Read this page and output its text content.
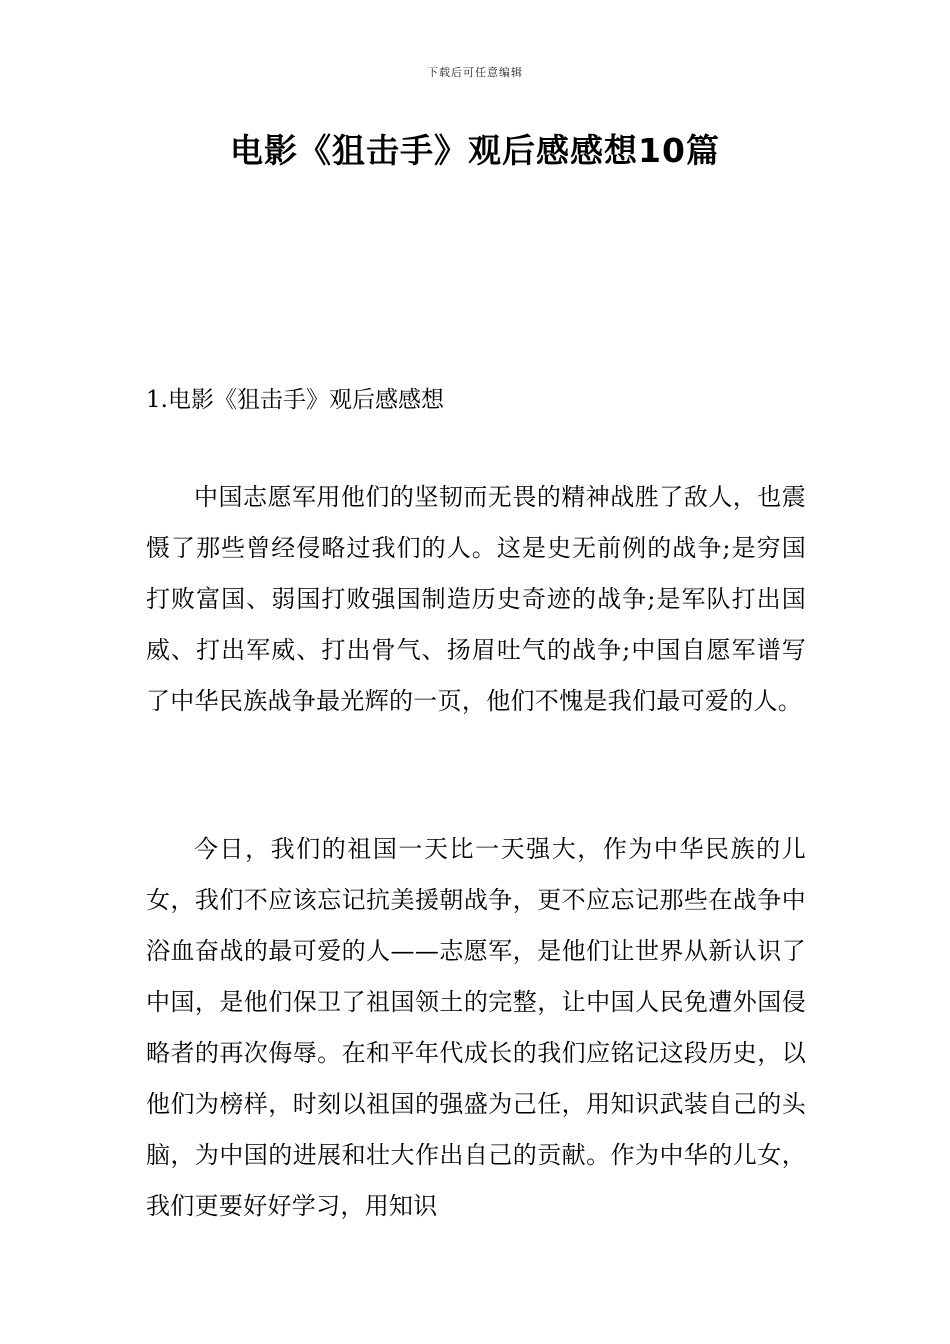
下载后可任意编辑
电影《狙击手》观后感感想10篇
1.电影《狙击手》观后感感想

中国志愿军用他们的坚韧而无畏的精神战胜了敌人，也震慑了那些曾经侵略过我们的人。这是史无前例的战争;是穷国打败富国、弱国打败强国制造历史奇迹的战争;是军队打出国威、打出军威、打出骨气、扬眉吐气的战争;中国自愿军谱写了中华民族战争最光辉的一页，他们不愧是我们最可爱的人。

今日，我们的祖国一天比一天强大，作为中华民族的儿女，我们不应该忘记抗美援朝战争，更不应忘记那些在战争中浴血奋战的最可爱的人——志愿军，是他们让世界从新认识了中国，是他们保卫了祖国领土的完整，让中国人民免遭外国侵略者的再次侮辱。在和平年代成长的我们应铭记这段历史，以他们为榜样，时刻以祖国的强盛为己任，用知识武装自己的头脑，为中国的进展和壮大作出自己的贡献。作为中华的儿女，我们更要好好学习，用知识
